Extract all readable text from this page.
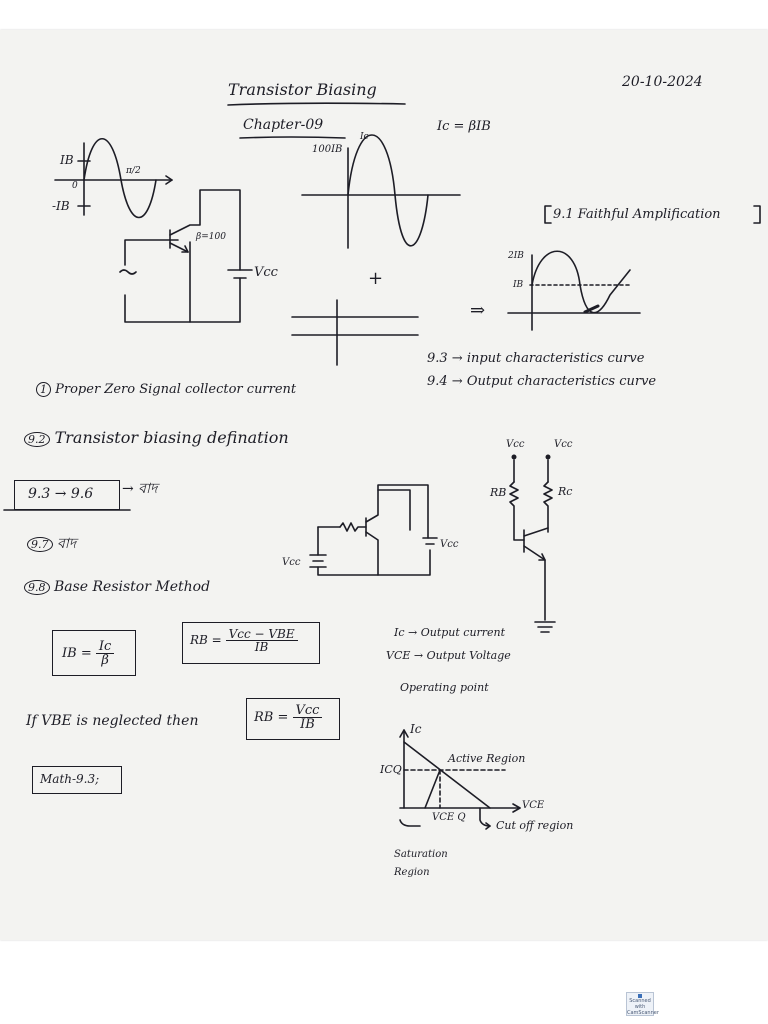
Transistor Biasing
Chapter-09
20-10-2024
Ic = βIB
IB
0
-IB
π/2
100IB
Ic
β=100
Vcc	+
⇒
9.1 Faithful Amplification
2IB
IB
9.3 → input characteristics curve
9.4 → Output characteristics curve
1 Proper Zero Signal collector current
9.2 Transistor biasing defination
9.3 → 9.6 → বাদ
9.7 বাদ
Vcc
Vcc
Vcc	Vcc
RB	Rc
9.8 Base Resistor Method
IB = $\frac{Ic}{\beta}$	RB = $\frac{\text{Vcc − VBE}}{IB}$	Ic → Output current
VCE → Output Voltage
Operating point
If VBE is neglected then	RB = $\frac{\text{Vcc}}{IB}$
Math-9.3;
Ic
VCE
ICQ
VCE Q
Active Region
Cut off region
Saturation
Region
Scanned with
CamScanner
